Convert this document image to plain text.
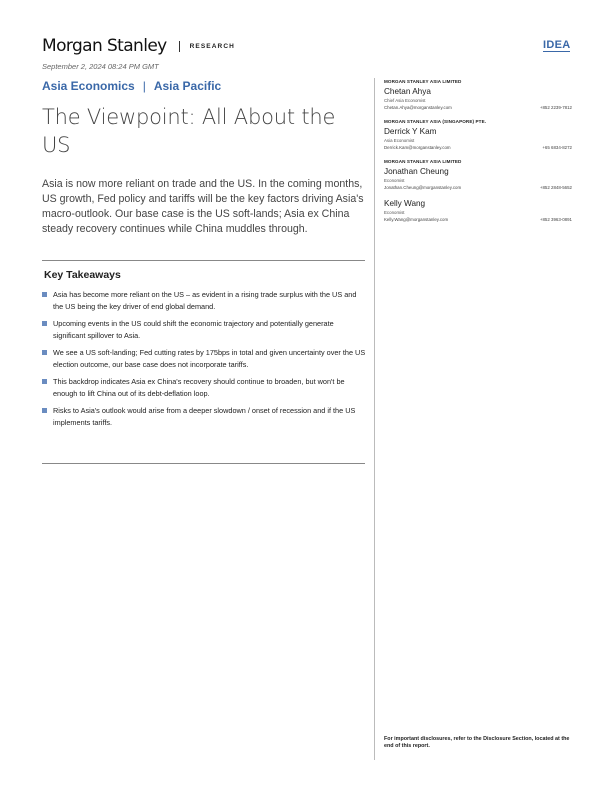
Morgan Stanley	RESEARCH	IDEA
September 2, 2024 08:24 PM GMT
Asia Economics | Asia Pacific
The Viewpoint: All About the US

Asia is now more reliant on trade and the US. In the coming months, US growth, Fed policy and tariffs will be the key factors driving Asia's macro-outlook. Our base case is the US soft-lands; Asia ex China steady recovery continues while China muddles through.

Key Takeaways
Asia has become more reliant on the US – as evident in a rising trade surplus with the US and the US being the key driver of end global demand.
Upcoming events in the US could shift the economic trajectory and potentially generate significant spillover to Asia.
We see a US soft-landing; Fed cutting rates by 175bps in total and given uncertainty over the US election outcome, our base case does not incorporate tariffs.
This backdrop indicates Asia ex China's recovery should continue to broaden, but won't be enough to lift China out of its debt-deflation loop.
Risks to Asia's outlook would arise from a deeper slowdown / onset of recession and if the US implements tariffs.
MORGAN STANLEY ASIA LIMITED
Chetan Ahya
Chief Asia Economist
Chetan.Ahya@morganstanley.com	+852 2239-7812
MORGAN STANLEY ASIA (SINGAPORE) PTE.
Derrick Y Kam
Asia Economist
Derrick.Kam@morganstanley.com	+65 6834-8272
MORGAN STANLEY ASIA LIMITED
Jonathan Cheung
Economist
Jonathan.Cheung@morganstanley.com	+852 2848-5652
Kelly Wang
Economist
Kelly.Wang@morganstanley.com	+852 3963-0891
For important disclosures, refer to the Disclosure Section, located at the end of this report.
